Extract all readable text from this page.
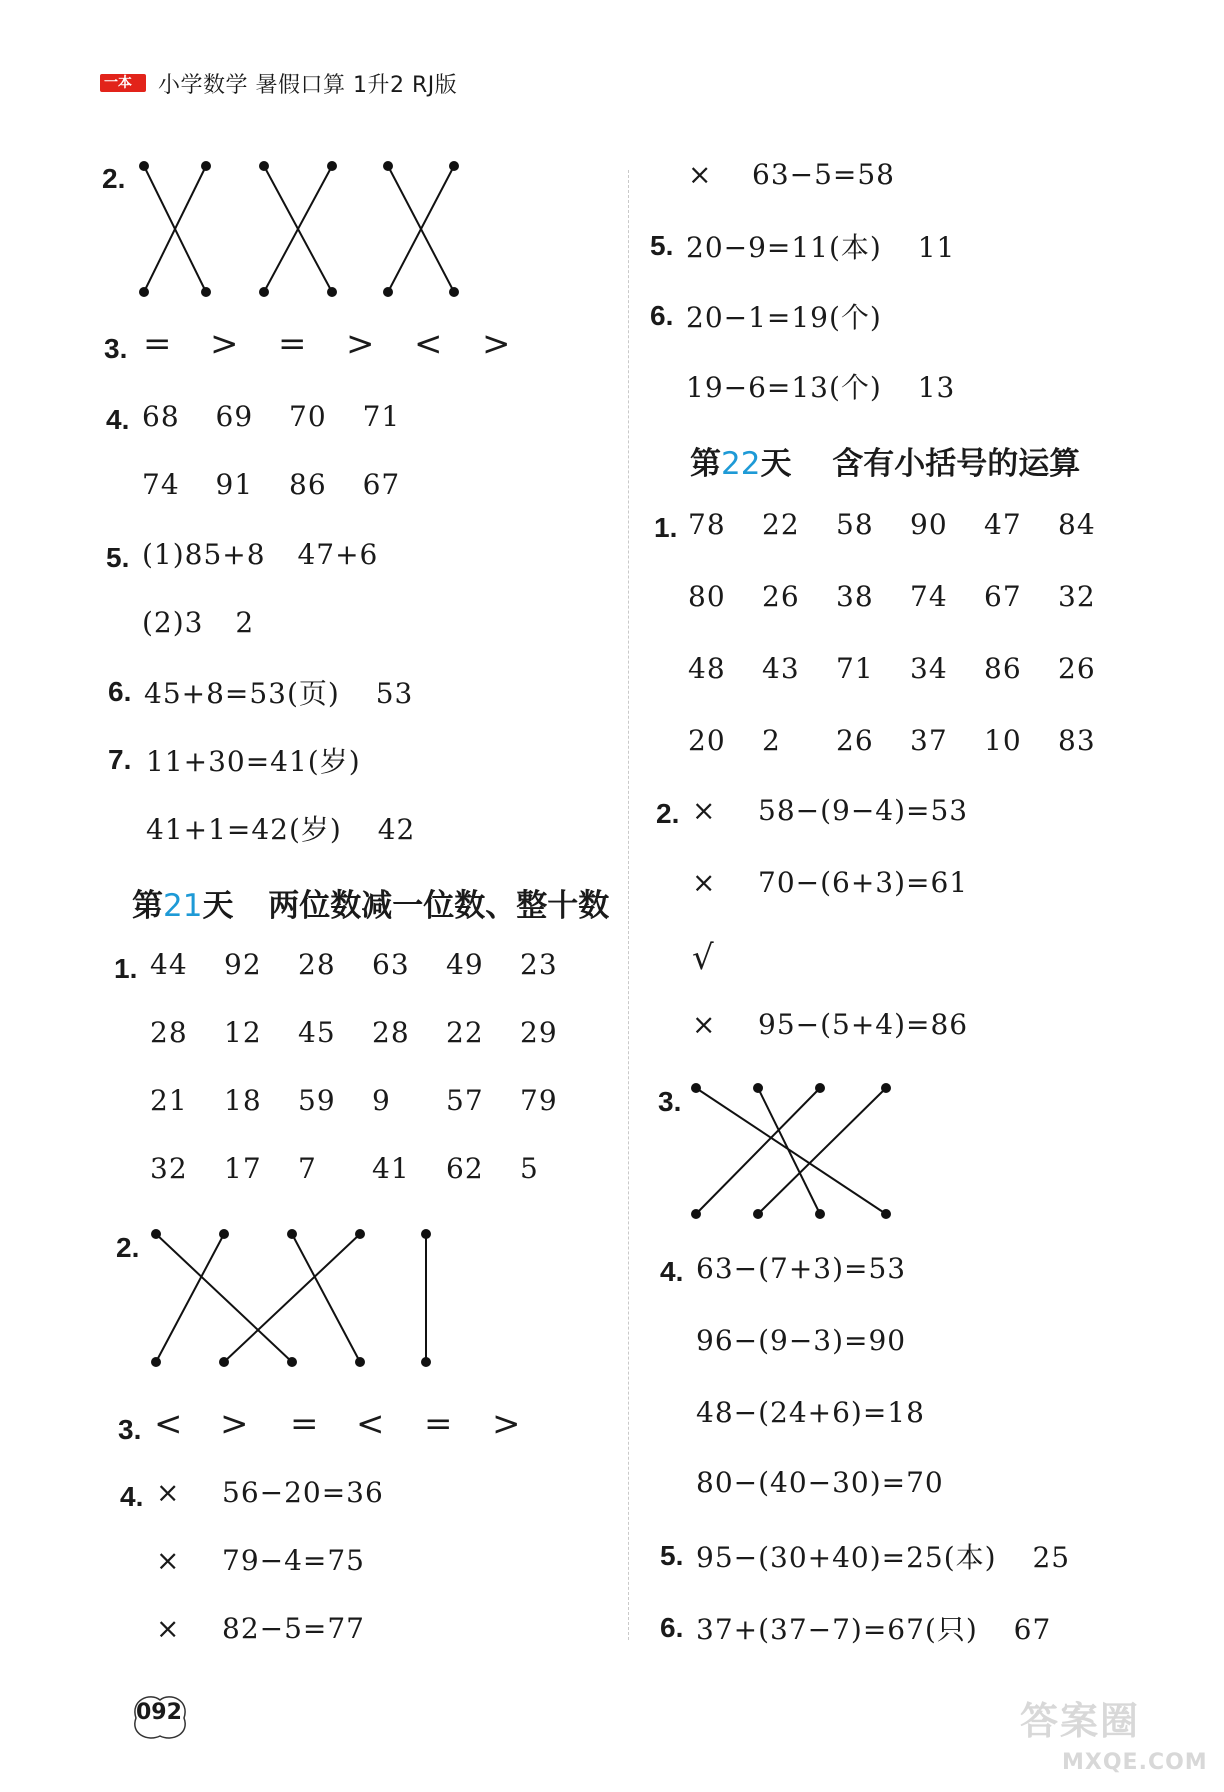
一本 小学数学 暑假口算 1升2 RJ版
2.
3. = > = > < >
4. 68 69 70 71
74 91 86 67
5. (1)85+8 47+6
(2)3 2
6. 45+8=53(页) 53
7. 11+30=41(岁)
41+1=42(岁) 42
第21天 两位数减一位数、整十数
1. 44 92 28 63 49 23
28 12 45 28 22 29
21 18 59 9 57 79
32 17 7 41 62 5
2.
3. < > = < = >
4. × 56−20=36
× 79−4=75
× 82−5=77
× 63−5=58
5. 20−9=11(本) 11
6. 20−1=19(个)
19−6=13(个) 13
第22天 含有小括号的运算
1. 78 22 58 90 47 84
80 26 38 74 67 32
48 43 71 34 86 26
20 2 26 37 10 83
2. × 58−(9−4)=53
× 70−(6+3)=61
√
× 95−(5+4)=86
3.
4. 63−(7+3)=53
96−(9−3)=90
48−(24+6)=18
80−(40−30)=70
5. 95−(30+40)=25(本) 25
6. 37+(37−7)=67(只) 67
092	答案圈
MXQE.COM
